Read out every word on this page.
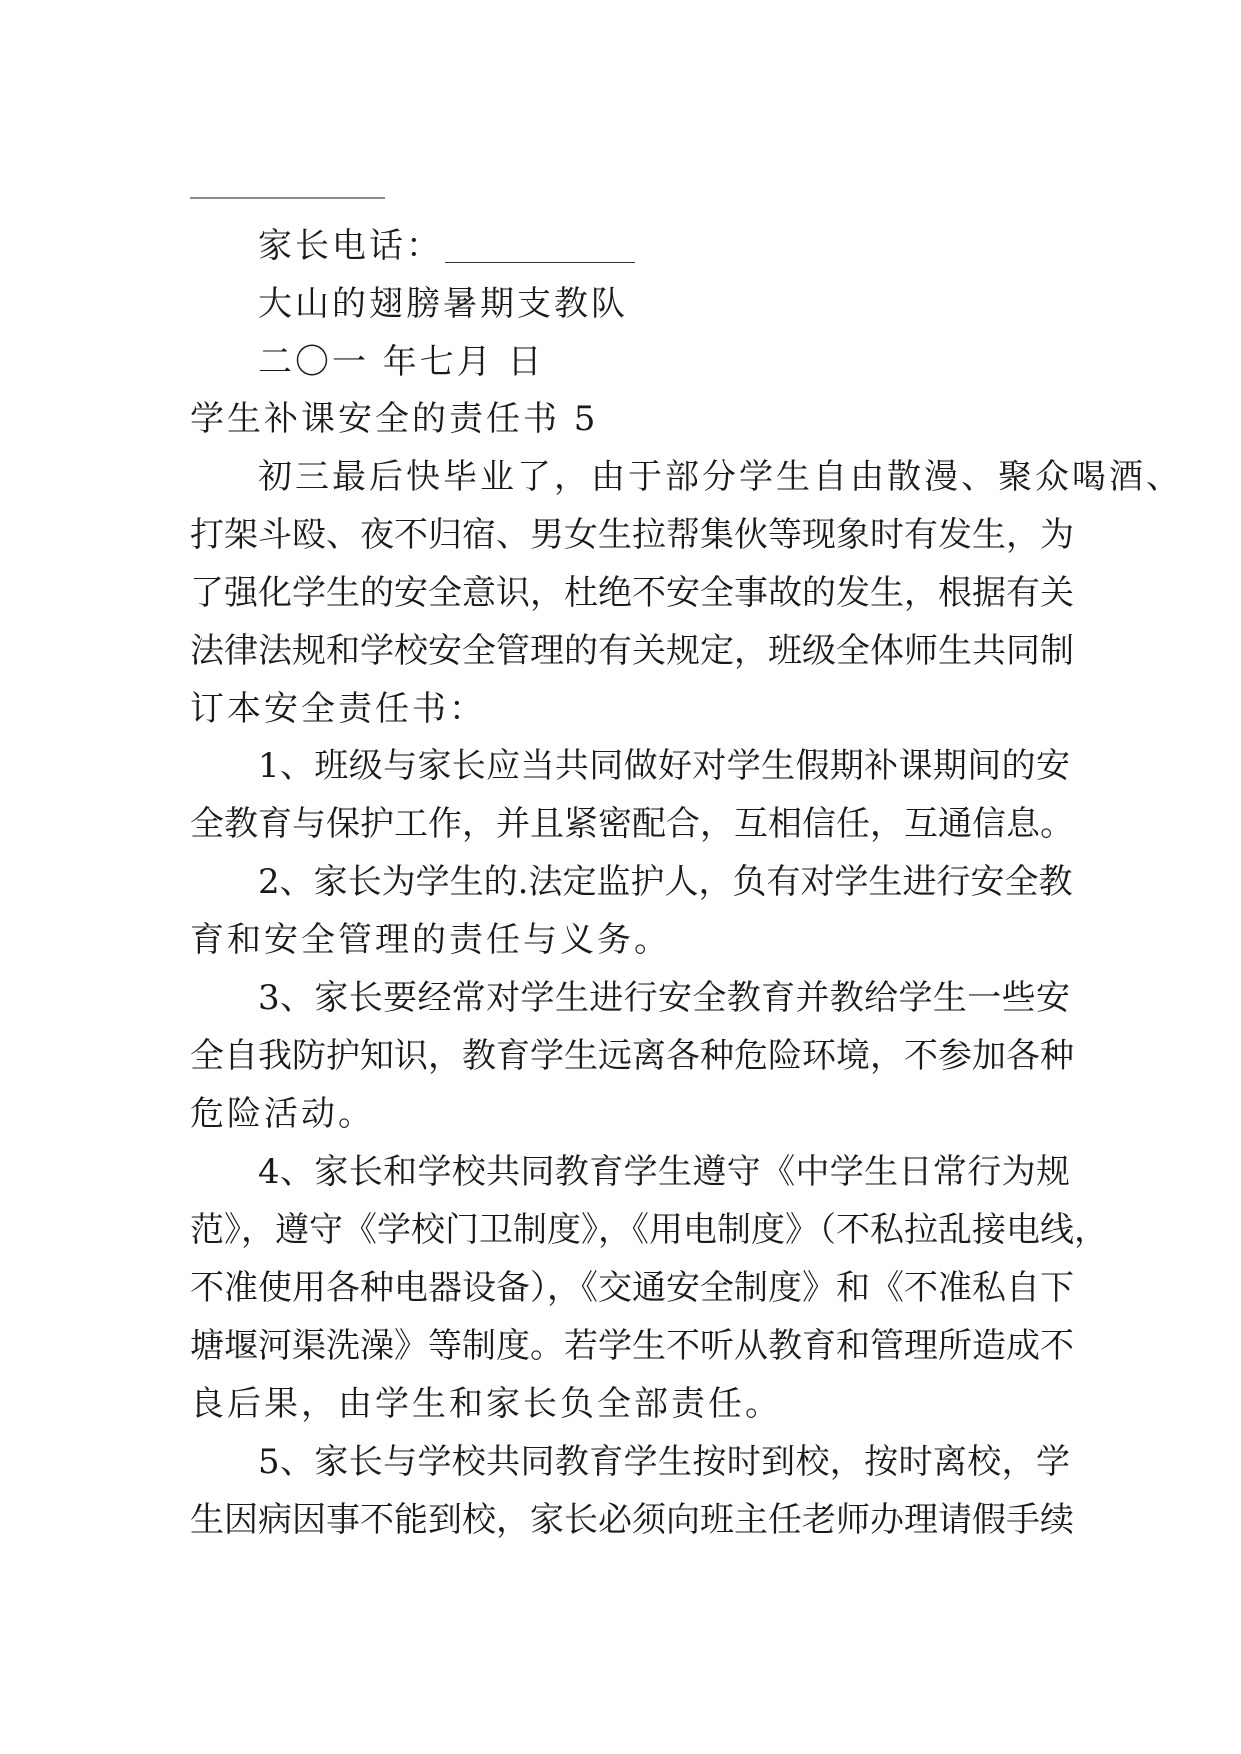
家长电话：
大山的翅膀暑期支教队
二〇一 年七月 日
学生补课安全的责任书 5
初三最后快毕业了，由于部分学生自由散漫、聚众喝酒、
打架斗殴、夜不归宿、男女生拉帮集伙等现象时有发生，为
了强化学生的安全意识，杜绝不安全事故的发生，根据有关
法律法规和学校安全管理的有关规定，班级全体师生共同制
订本安全责任书：
1、班级与家长应当共同做好对学生假期补课期间的安
全教育与保护工作，并且紧密配合，互相信任，互通信息。
2、家长为学生的.法定监护人，负有对学生进行安全教
育和安全管理的责任与义务。
3、家长要经常对学生进行安全教育并教给学生一些安
全自我防护知识，教育学生远离各种危险环境，不参加各种
危险活动。
4、家长和学校共同教育学生遵守《中学生日常行为规
范》，遵守《学校门卫制度》，《用电制度》（不私拉乱接电线，
不准使用各种电器设备），《交通安全制度》和《不准私自下
塘堰河渠洗澡》等制度。若学生不听从教育和管理所造成不
良后果，由学生和家长负全部责任。
5、家长与学校共同教育学生按时到校，按时离校，学
生因病因事不能到校，家长必须向班主任老师办理请假手续
